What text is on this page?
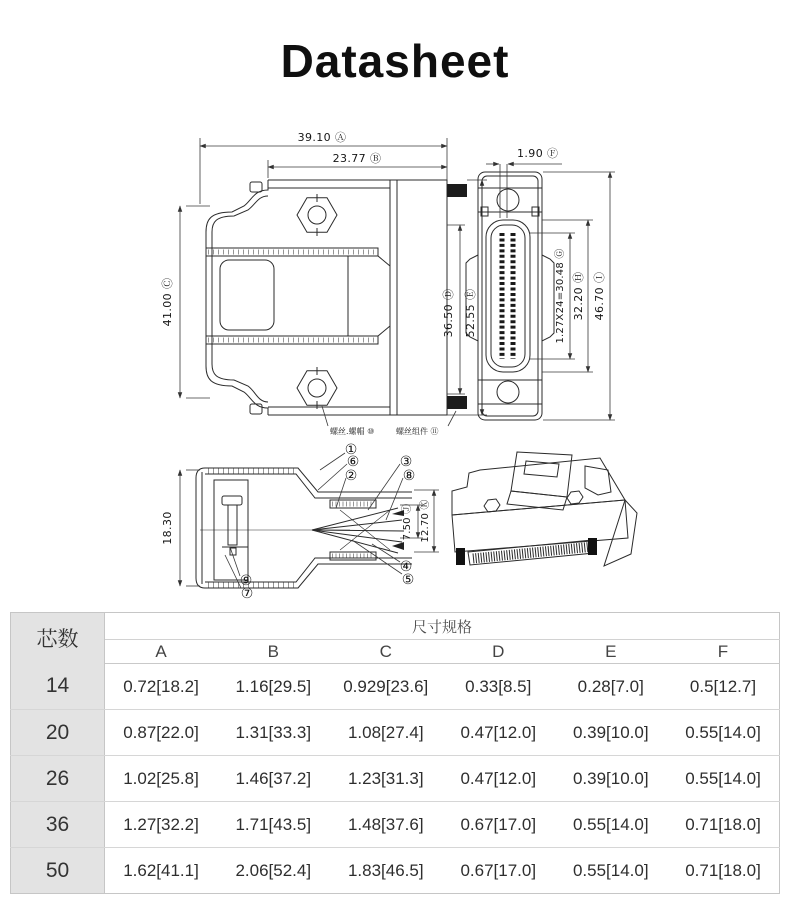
Datasheet
39.10 Ⓐ
23.77 Ⓑ
41.00 Ⓒ	36.50 Ⓓ 52.55 Ⓔ
螺丝.螺帽 ⑩	螺丝组件 ⑪
1.90 Ⓕ
1.27X24=30.48 Ⓖ 32.20 Ⓗ 46.70 Ⓘ
18.30	7.50 Ⓙ 12.70 Ⓚ
①
⑥
②
③
⑧
④
⑤
⑨
⑦
芯数	尺寸规格					
	A	B	C	D	E	F
14	0.72[18.2]	1.16[29.5]	0.929[23.6]	0.33[8.5]	0.28[7.0]	0.5[12.7]
20	0.87[22.0]	1.31[33.3]	1.08[27.4]	0.47[12.0]	0.39[10.0]	0.55[14.0]
26	1.02[25.8]	1.46[37.2]	1.23[31.3]	0.47[12.0]	0.39[10.0]	0.55[14.0]
36	1.27[32.2]	1.71[43.5]	1.48[37.6]	0.67[17.0]	0.55[14.0]	0.71[18.0]
50	1.62[41.1]	2.06[52.4]	1.83[46.5]	0.67[17.0]	0.55[14.0]	0.71[18.0]
